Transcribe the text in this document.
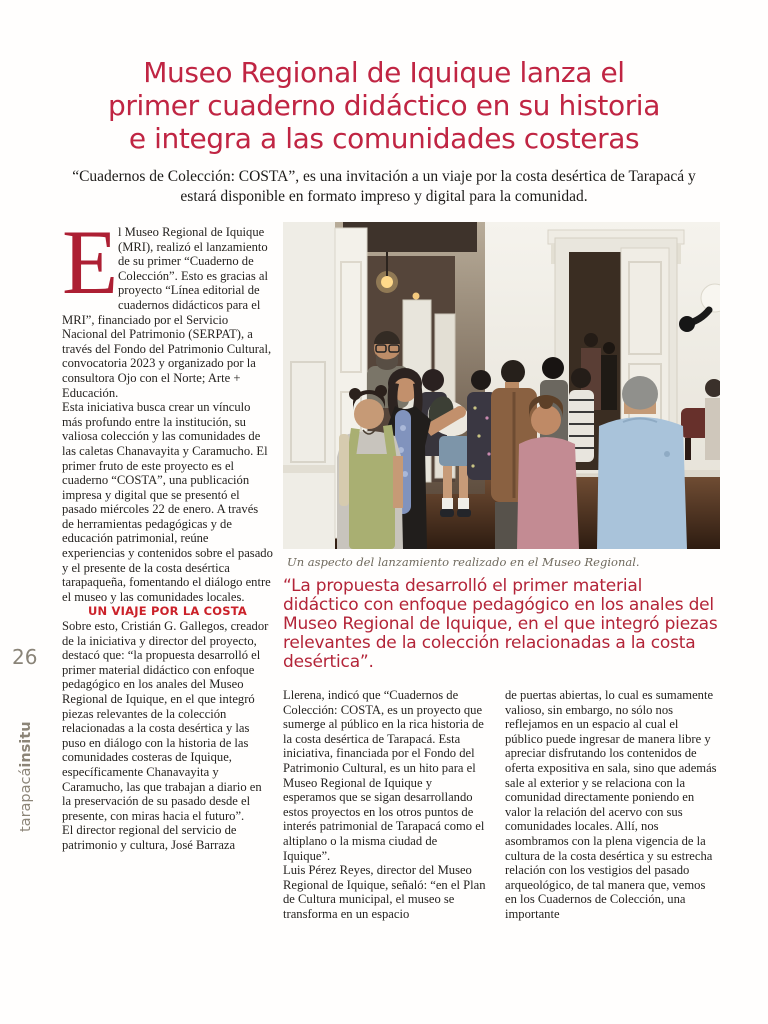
Museo Regional de Iquique lanza el
primer cuaderno didáctico en su historia
e integra a las comunidades costeras
“Cuadernos de Colección: COSTA”, es una invitación a un viaje por la costa desértica de Tarapacá y estará disponible en formato impreso y digital para la comunidad.

El Museo Regional de Iquique (MRI), realizó el lanzamiento de su primer “Cuaderno de Colección”. Esto es gracias al proyecto “Línea editorial de cuadernos didácticos para el MRI”, financiado por el Servicio Nacional del Patrimonio (SERPAT), a través del Fondo del Patrimonio Cultural, convocatoria 2023 y organizado por la consultora Ojo con el Norte; Arte + Educación.

Esta iniciativa busca crear un vínculo más profundo entre la institución, su valiosa colección y las comunidades de las caletas Chanavayita y Caramucho. El primer fruto de este proyecto es el cuaderno “COSTA”, una publicación impresa y digital que se presentó el pasado miércoles 22 de enero. A través de herramientas pedagógicas y de educación patrimonial, reúne experiencias y contenidos sobre el pasado y el presente de la costa desértica tarapaqueña, fomentando el diálogo entre el museo y las comunidades locales.

UN VIAJE POR LA COSTA

Sobre esto, Cristián G. Gallegos, creador de la iniciativa y director del proyecto, destacó que: “la propuesta desarrolló el primer material didáctico con enfoque pedagógico en los anales del Museo Regional de Iquique, en el que integró piezas relevantes de la colección relacionadas a la costa desértica y las puso en diálogo con la historia de las comunidades costeras de Iquique, específicamente Chanavayita y Caramucho, las que trabajan a diario en la preservación de su pasado desde el presente, con miras hacia el futuro”.

El director regional del servicio de patrimonio y cultura, José Barraza

Un aspecto del lanzamiento realizado en el Museo Regional.
“La propuesta desarrolló el primer material didáctico con enfoque pedagógico en los anales del Museo Regional de Iquique, en el que integró piezas relevantes de la colección relacionadas a la costa desértica”.

Llerena, indicó que “Cuadernos de Colección: COSTA, es un proyecto que sumerge al público en la rica historia de la costa desértica de Tarapacá. Esta iniciativa, financiada por el Fondo del Patrimonio Cultural, es un hito para el Museo Regional de Iquique y esperamos que se sigan desarrollando estos proyectos en los otros puntos de interés patrimonial de Tarapacá como el altiplano o la misma ciudad de Iquique”.

Luis Pérez Reyes, director del Museo Regional de Iquique, señaló: “en el Plan de Cultura municipal, el museo se transforma en un espacio

de puertas abiertas, lo cual es sumamente valioso, sin embargo, no sólo nos reflejamos en un espacio al cual el público puede ingresar de manera libre y apreciar disfrutando los contenidos de oferta expositiva en sala, sino que además sale al exterior y se relaciona con la comunidad directamente poniendo en valor la relación del acervo con sus comunidades locales. Allí, nos asombramos con la plena vigencia de la cultura de la costa desértica y su estrecha relación con los vestigios del pasado arqueológico, de tal manera que, vemos en los Cuadernos de Colección, una importante

26
tarapacáinsitu
